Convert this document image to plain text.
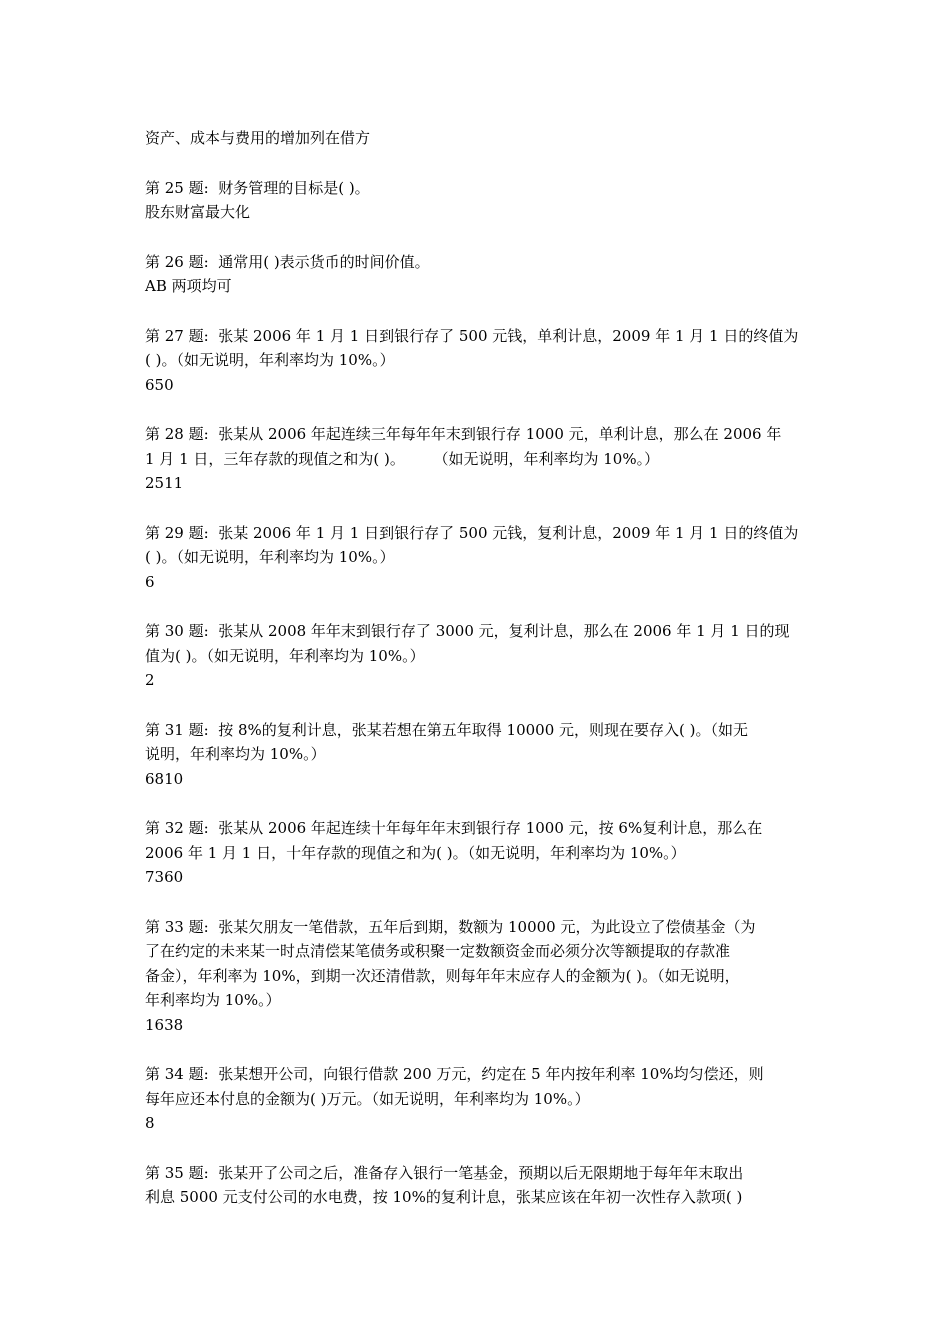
资产、成本与费用的增加列在借方
第 25 题:  财务管理的目标是( )。
股东财富最大化
第 26 题:  通常用( )表示货币的时间价值。
AB 两项均可
第 27 题:  张某 2006 年 1 月 1 日到银行存了 500 元钱，单利计息，2009 年 1 月 1 日的终值为
( )。（如无说明，年利率均为 10%。）
650
第 28 题:  张某从 2006 年起连续三年每年年末到银行存 1000 元，单利计息，那么在 2006 年
1 月 1 日，三年存款的现值之和为( )。      （如无说明，年利率均为 10%。）
2511
第 29 题:  张某 2006 年 1 月 1 日到银行存了 500 元钱，复利计息，2009 年 1 月 1 日的终值为
( )。（如无说明，年利率均为 10%。）
6
第 30 题:  张某从 2008 年年末到银行存了 3000 元，复利计息，那么在 2006 年 1 月 1 日的现
值为( )。（如无说明，年利率均为 10%。）
2
第 31 题:  按 8%的复利计息，张某若想在第五年取得 10000 元，则现在要存入( )。（如无
说明，年利率均为 10%。）
6810
第 32 题:  张某从 2006 年起连续十年每年年末到银行存 1000 元，按 6%复利计息，那么在
2006 年 1 月 1 日，十年存款的现值之和为( )。（如无说明，年利率均为 10%。）
7360
第 33 题:  张某欠朋友一笔借款，五年后到期，数额为 10000 元，为此设立了偿债基金（为
了在约定的未来某一时点清偿某笔债务或积聚一定数额资金而必须分次等额提取的存款准
备金），年利率为 10%，到期一次还清借款，则每年年末应存人的金额为( )。（如无说明，
年利率均为 10%。）
1638
第 34 题:  张某想开公司，向银行借款 200 万元，约定在 5 年内按年利率 10%均匀偿还，则
每年应还本付息的金额为( )万元。（如无说明，年利率均为 10%。）
8
第 35 题:  张某开了公司之后，准备存入银行一笔基金，预期以后无限期地于每年年末取出
利息 5000 元支付公司的水电费，按 10%的复利计息，张某应该在年初一次性存入款项( )
